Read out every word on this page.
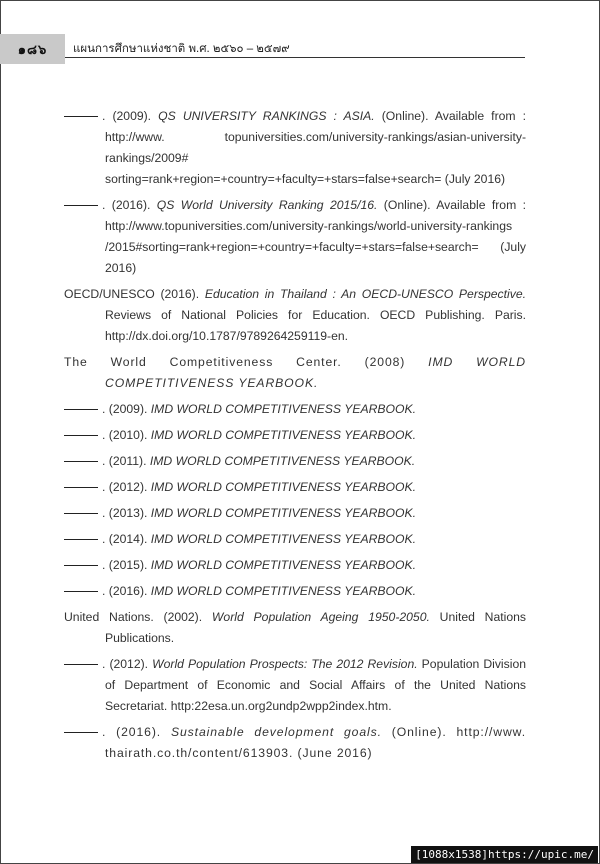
๑๘๖	แผนการศึกษาแห่งชาติ พ.ศ. ๒๕๖๐ – ๒๕๗๙
. (2009). QS UNIVERSITY RANKINGS : ASIA. (Online). Available from : http://www. topuniversities.com/university-rankings/asian-university-rankings/2009# sorting=rank+region=+country=+faculty=+stars=false+search= (July 2016)
. (2016). QS World University Ranking 2015/16. (Online). Available from : http://www.topuniversities.com/university-rankings/world-university-rankings /2015#sorting=rank+region=+country=+faculty=+stars=false+search= (July 2016)
OECD/UNESCO (2016). Education in Thailand : An OECD-UNESCO Perspective. Reviews of National Policies for Education. OECD Publishing. Paris. http://dx.doi.org/10.1787/9789264259119-en.
The World Competitiveness Center. (2008) IMD WORLD COMPETITIVENESS YEARBOOK.
. (2009). IMD WORLD COMPETITIVENESS YEARBOOK.
. (2010). IMD WORLD COMPETITIVENESS YEARBOOK.
. (2011). IMD WORLD COMPETITIVENESS YEARBOOK.
. (2012). IMD WORLD COMPETITIVENESS YEARBOOK.
. (2013). IMD WORLD COMPETITIVENESS YEARBOOK.
. (2014). IMD WORLD COMPETITIVENESS YEARBOOK.
. (2015). IMD WORLD COMPETITIVENESS YEARBOOK.
. (2016). IMD WORLD COMPETITIVENESS YEARBOOK.
United Nations. (2002). World Population Ageing 1950-2050. United Nations Publications.
. (2012). World Population Prospects: The 2012 Revision. Population Division of Department of Economic and Social Affairs of the United Nations Secretariat. http:22esa.un.org2undp2wpp2index.htm.
. (2016). Sustainable development goals. (Online). http://www. thairath.co.th/content/613903. (June 2016)
[1088x1538]https://upic.me/
